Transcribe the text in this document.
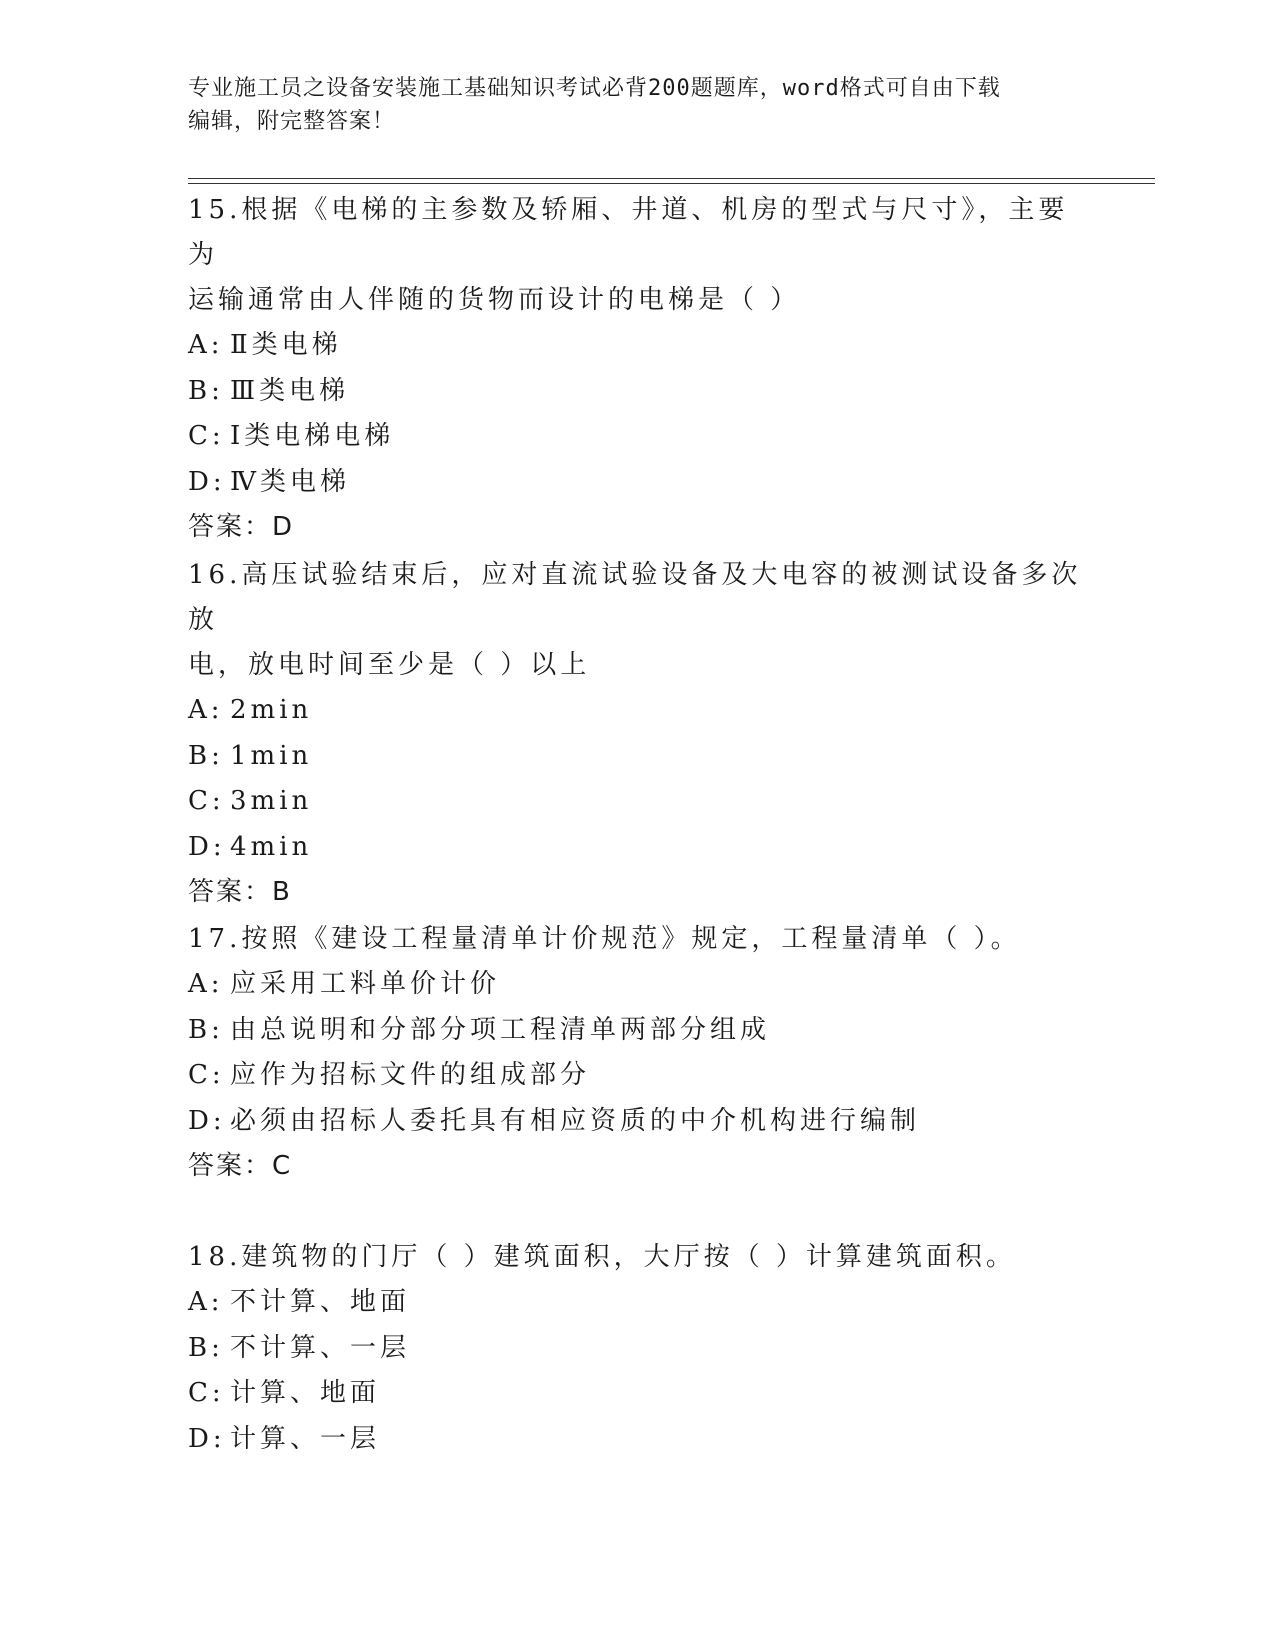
专业施工员之设备安装施工基础知识考试必背200题题库，word格式可自由下载
编辑，附完整答案！

15.根据《电梯的主参数及轿厢、井道、机房的型式与尺寸》，主要为

运输通常由人伴随的货物而设计的电梯是（ ）

A: Ⅱ类电梯

B: Ⅲ类电梯

C: Ⅰ类电梯电梯

D: Ⅳ类电梯

答案：D

16.高压试验结束后，应对直流试验设备及大电容的被测试设备多次放

电，放电时间至少是（ ）以上

A: 2min

B: 1min

C: 3min

D: 4min

答案：B

17.按照《建设工程量清单计价规范》规定，工程量清单（ ）。

A: 应采用工料单价计价

B: 由总说明和分部分项工程清单两部分组成

C: 应作为招标文件的组成部分

D: 必须由招标人委托具有相应资质的中介机构进行编制

答案：C

18.建筑物的门厅（ ）建筑面积，大厅按（ ）计算建筑面积。

A: 不计算、地面

B: 不计算、一层

C: 计算、地面

D: 计算、一层
